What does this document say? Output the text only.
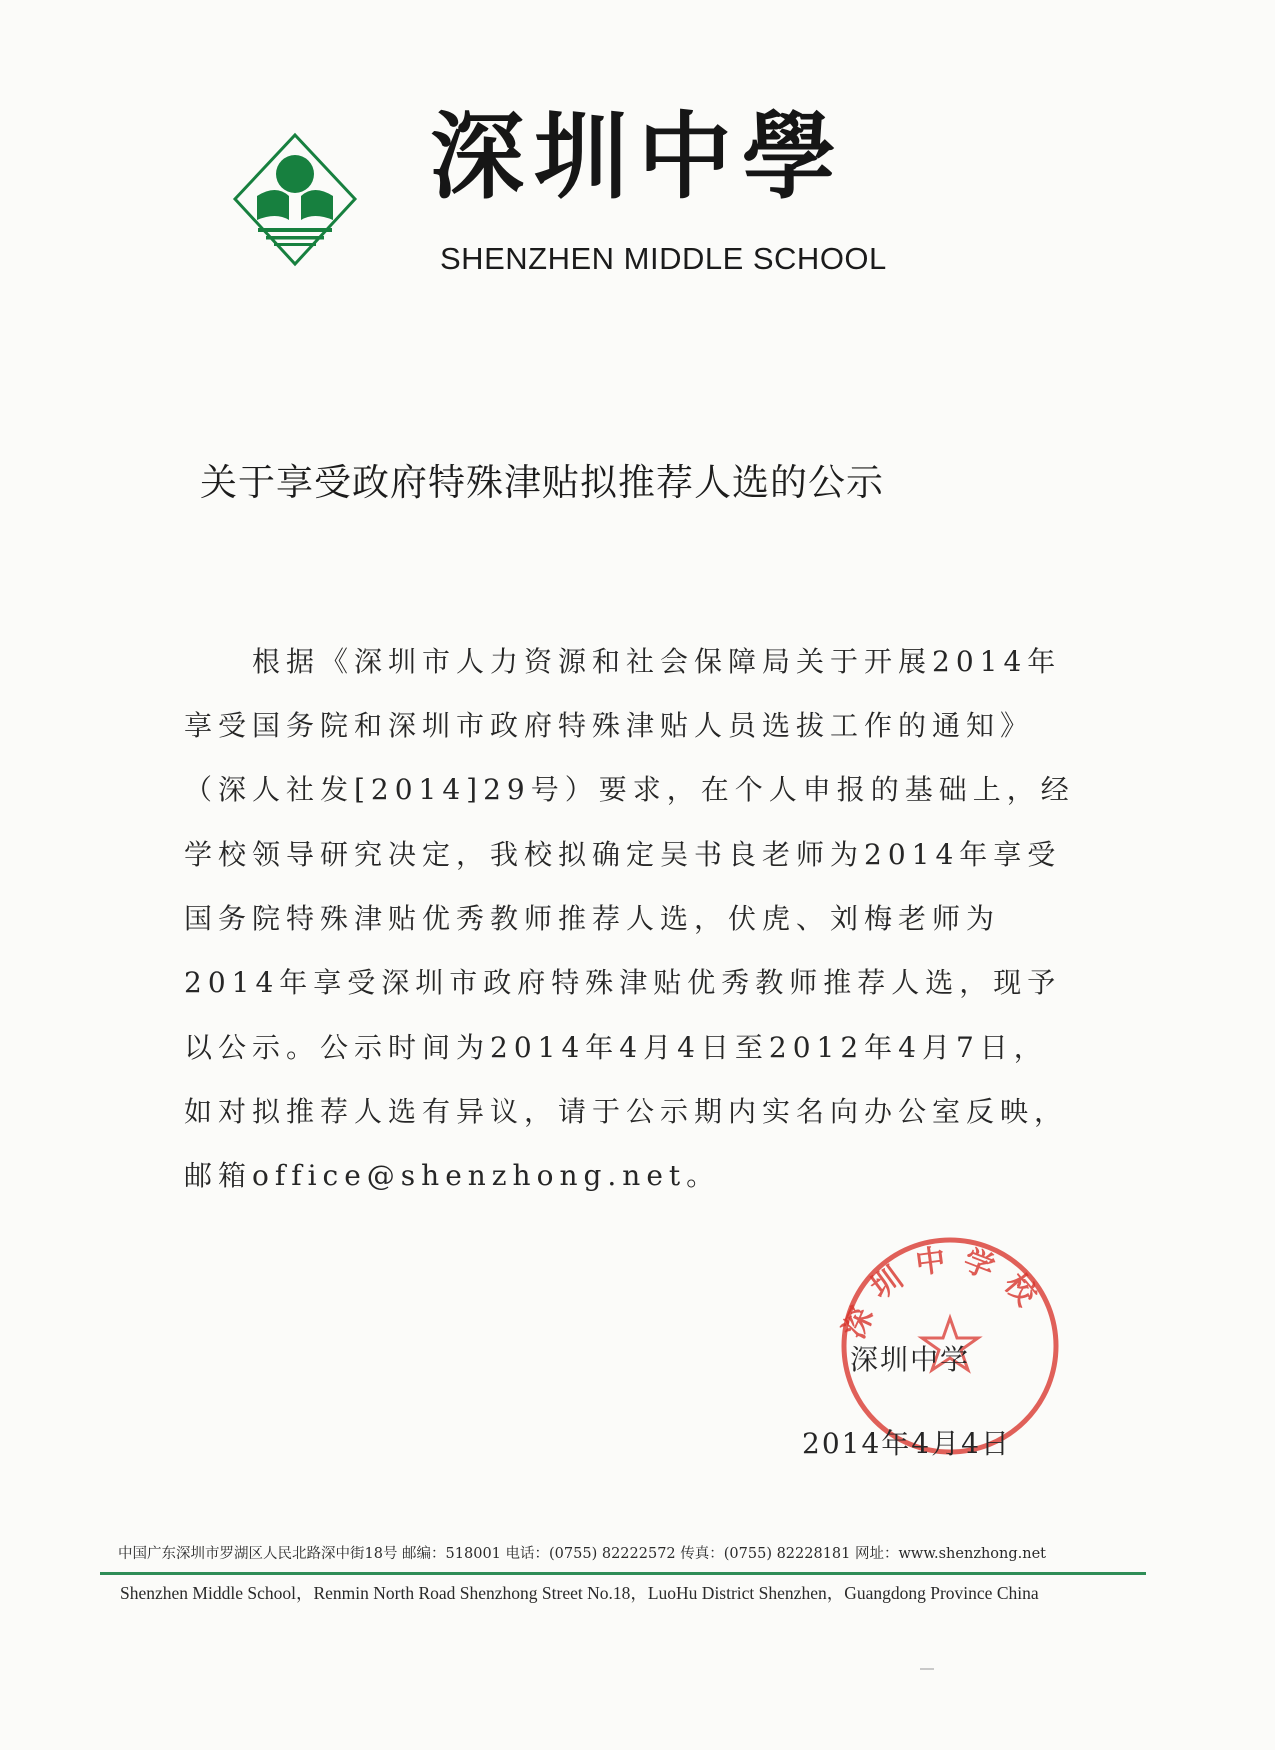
深圳中學
SHENZHEN MIDDLE SCHOOL
关于享受政府特殊津贴拟推荐人选的公示
根据《深圳市人力资源和社会保障局关于开展2014年
享受国务院和深圳市政府特殊津贴人员选拔工作的通知》
（深人社发[2014]29号）要求，在个人申报的基础上，经
学校领导研究决定，我校拟确定吴书良老师为2014年享受
国务院特殊津贴优秀教师推荐人选，伏虎、刘梅老师为
2014年享受深圳市政府特殊津贴优秀教师推荐人选，现予
以公示。公示时间为2014年4月4日至2012年4月7日，
如对拟推荐人选有异议，请于公示期内实名向办公室反映，
邮箱office@shenzhong.net。
深圳中学校
深圳中学
2014年4月4日
中国广东深圳市罗湖区人民北路深中街18号 邮编：518001 电话：(0755) 82222572 传真：(0755) 82228181 网址：www.shenzhong.net
Shenzhen Middle School，Renmin North Road Shenzhong Street No.18，LuoHu District Shenzhen，Guangdong Province China
